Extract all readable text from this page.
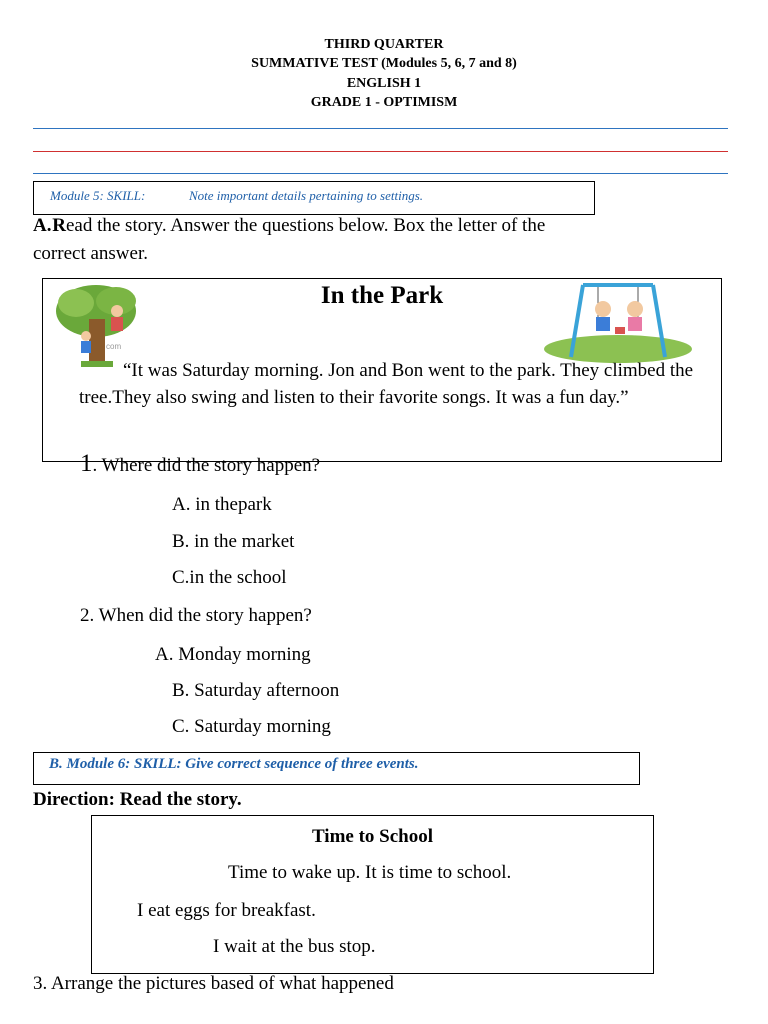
THIRD QUARTER
SUMMATIVE TEST (Modules 5, 6, 7 and 8)
ENGLISH 1
GRADE 1 - OPTIMISM
Module 5: SKILL:	Note important details pertaining to settings.
A. Read the story. Answer the questions below. Box the letter of the
correct answer.
com
In the Park
“It was Saturday morning. Jon and Bon went to the park. They climbed the tree.They also swing and listen to their favorite songs. It was a fun day.”
1. Where did the story happen?
A. in thepark
B. in the market
C.in the school
2. When did the story happen?
A. Monday morning
B. Saturday afternoon
C. Saturday morning
B. Module 6: SKILL: Give correct sequence of three events.
Direction: Read the story.
Time to School
Time to wake up. It is time to school.
I eat eggs for breakfast.
I wait at the bus stop.
3. Arrange the pictures based of what happened
